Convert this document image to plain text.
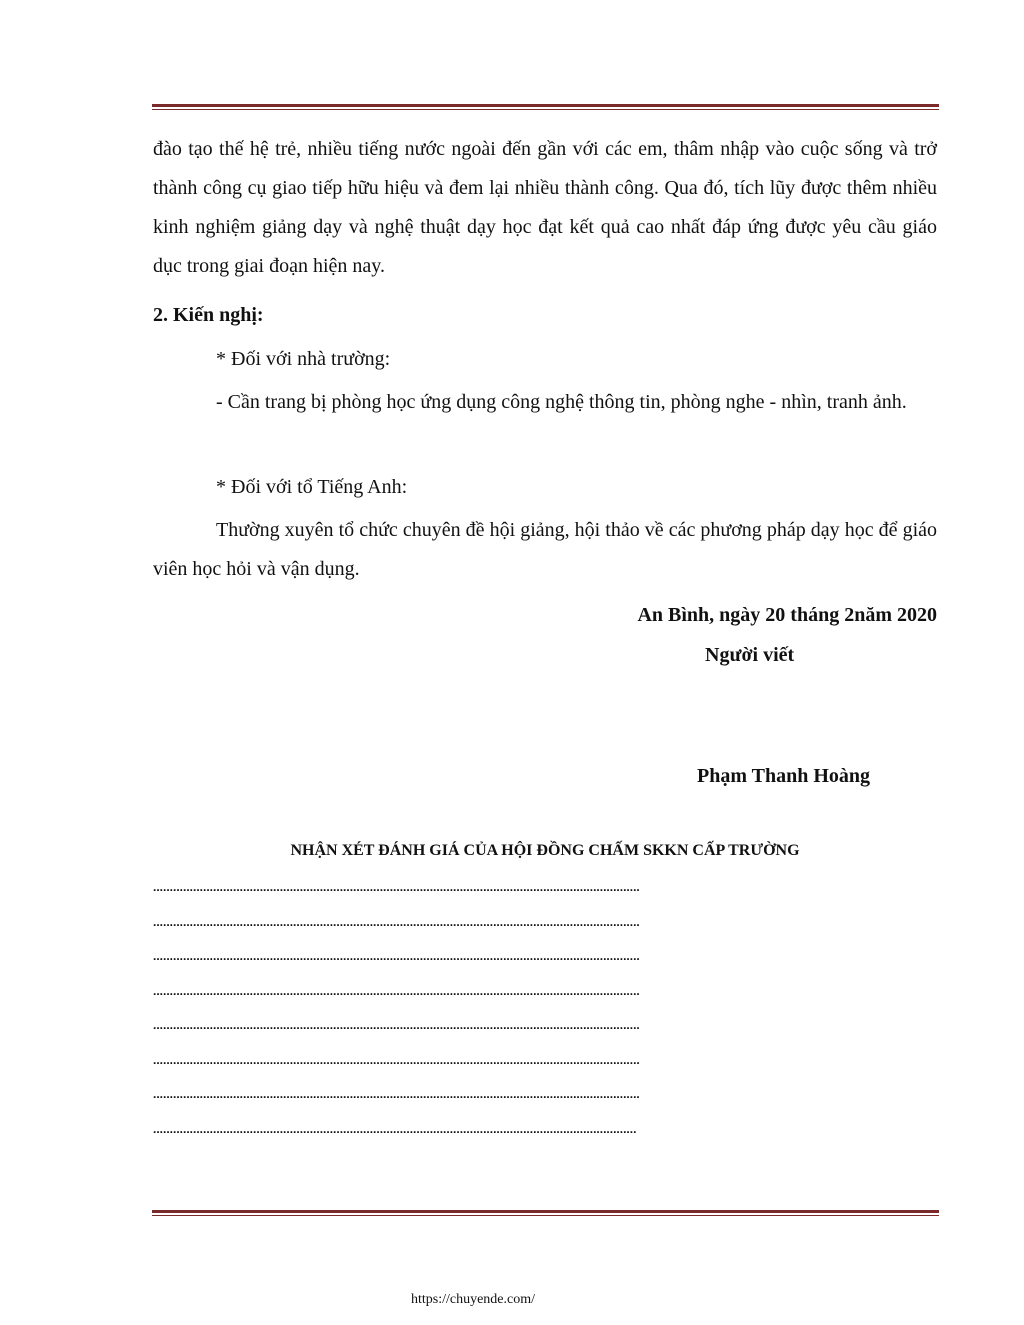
đào tạo thế hệ trẻ, nhiều tiếng nước ngoài đến gần với các em, thâm nhập vào cuộc sống và trở thành công cụ giao tiếp hữu hiệu và đem lại nhiều thành công. Qua đó, tích lũy được thêm nhiều kinh nghiệm giảng dạy và nghệ thuật dạy học đạt kết quả cao nhất đáp ứng được yêu cầu giáo dục trong giai đoạn hiện nay.

2. Kiến nghị:
* Đối với nhà trường:

- Cần trang bị phòng học ứng dụng công nghệ thông tin, phòng nghe - nhìn, tranh ảnh.

* Đối với tổ Tiếng Anh:

Thường xuyên tổ chức chuyên đề hội giảng, hội thảo về các phương pháp dạy học để giáo viên học hỏi và vận dụng.

An Bình, ngày 20 tháng 2năm 2020
Người viết
Phạm Thanh Hoàng
NHẬN XÉT ĐÁNH GIÁ CỦA HỘI ĐỒNG CHẤM SKKN CẤP TRƯỜNG
..................................................................................................................................................
..................................................................................................................................................
..................................................................................................................................................
..................................................................................................................................................
..................................................................................................................................................
..................................................................................................................................................
..................................................................................................................................................
.................................................................................................................................................
https://chuyende.com/
